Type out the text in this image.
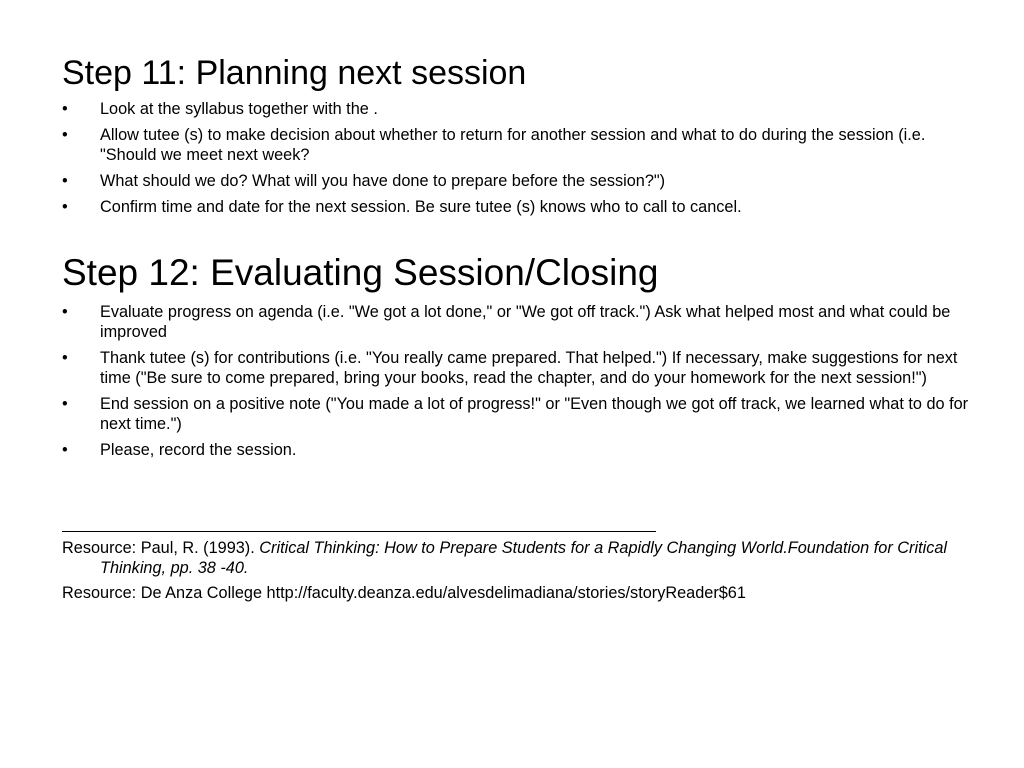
Step 11: Planning next session
• Look at the syllabus together with the .
• Allow tutee (s) to make decision about whether to return for another session and what to do during the session (i.e. "Should we meet next week?
• What should we do? What will you have done to prepare before the session?")
• Confirm time and date for the next session. Be sure tutee (s) knows who to call to cancel.
Step 12: Evaluating Session/Closing
• Evaluate progress on agenda (i.e. "We got a lot done," or "We got off track.") Ask what helped most and what could be improved
• Thank tutee (s) for contributions (i.e. "You really came prepared. That helped.") If necessary, make suggestions for next time ("Be sure to come prepared, bring your books, read the chapter, and do your homework for the next session!")
• End session on a positive note ("You made a lot of progress!" or "Even though we got off track, we learned what to do for next time.")
• Please, record the session.
Resource: Paul, R. (1993). Critical Thinking: How to Prepare Students for a Rapidly Changing World.Foundation for Critical Thinking, pp. 38 -40.
Resource: De Anza College http://faculty.deanza.edu/alvesdelimadiana/stories/storyReader$61
